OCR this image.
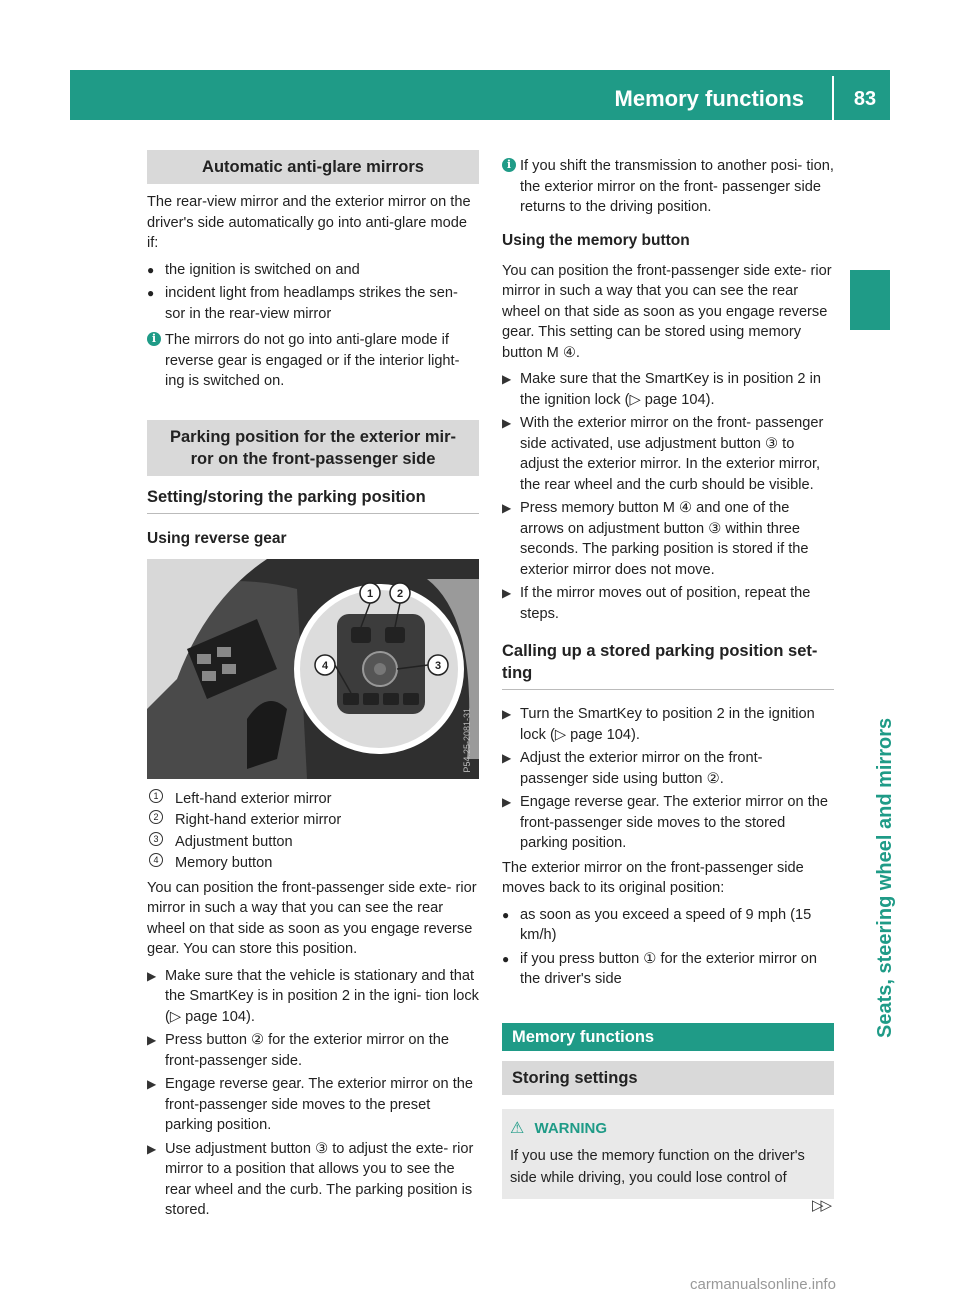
Memory functions	83
Seats, steering wheel and mirrors
Automatic anti-glare mirrors

The rear-view mirror and the exterior mirror on the driver's side automatically go into anti-glare mode if:

● the ignition is switched on and
● incident light from headlamps strikes the sen- sor in the rear-view mirror
i The mirrors do not go into anti-glare mode if reverse gear is engaged or if the interior light- ing is switched on.
Parking position for the exterior mir- ror on the front-passenger side
Setting/storing the parking position
Using reverse gear
1 2
3
4
P54.25-2081-31
1	Left-hand exterior mirror
2	Right-hand exterior mirror
3	Adjustment button
4	Memory button

You can position the front-passenger side exte- rior mirror in such a way that you can see the rear wheel on that side as soon as you engage reverse gear. You can store this position.

▶ Make sure that the vehicle is stationary and that the SmartKey is in position 2 in the igni- tion lock (▷ page 104).
▶ Press button ② for the exterior mirror on the front-passenger side.
▶ Engage reverse gear. The exterior mirror on the front-passenger side moves to the preset parking position.
▶ Use adjustment button ③ to adjust the exte- rior mirror to a position that allows you to see the rear wheel and the curb. The parking position is stored.
i If you shift the transmission to another posi- tion, the exterior mirror on the front- passenger side returns to the driving position.
Using the memory button

You can position the front-passenger side exte- rior mirror in such a way that you can see the rear wheel on that side as soon as you engage reverse gear. This setting can be stored using memory button M ④.

▶ Make sure that the SmartKey is in position 2 in the ignition lock (▷ page 104).
▶ With the exterior mirror on the front- passenger side activated, use adjustment button ③ to adjust the exterior mirror. In the exterior mirror, the rear wheel and the curb should be visible.
▶ Press memory button M ④ and one of the arrows on adjustment button ③ within three seconds. The parking position is stored if the exterior mirror does not move.
▶ If the mirror moves out of position, repeat the steps.
Calling up a stored parking position set- ting
▶ Turn the SmartKey to position 2 in the ignition lock (▷ page 104).
▶ Adjust the exterior mirror on the front- passenger side using button ②.
▶ Engage reverse gear. The exterior mirror on the front-passenger side moves to the stored parking position.

The exterior mirror on the front-passenger side moves back to its original position:

● as soon as you exceed a speed of 9 mph (15 km/h)
● if you press button ① for the exterior mirror on the driver's side
Memory functions
Storing settings
⚠ WARNING
If you use the memory function on the driver's side while driving, you could lose control of
▷▷
carmanualsonline.info
